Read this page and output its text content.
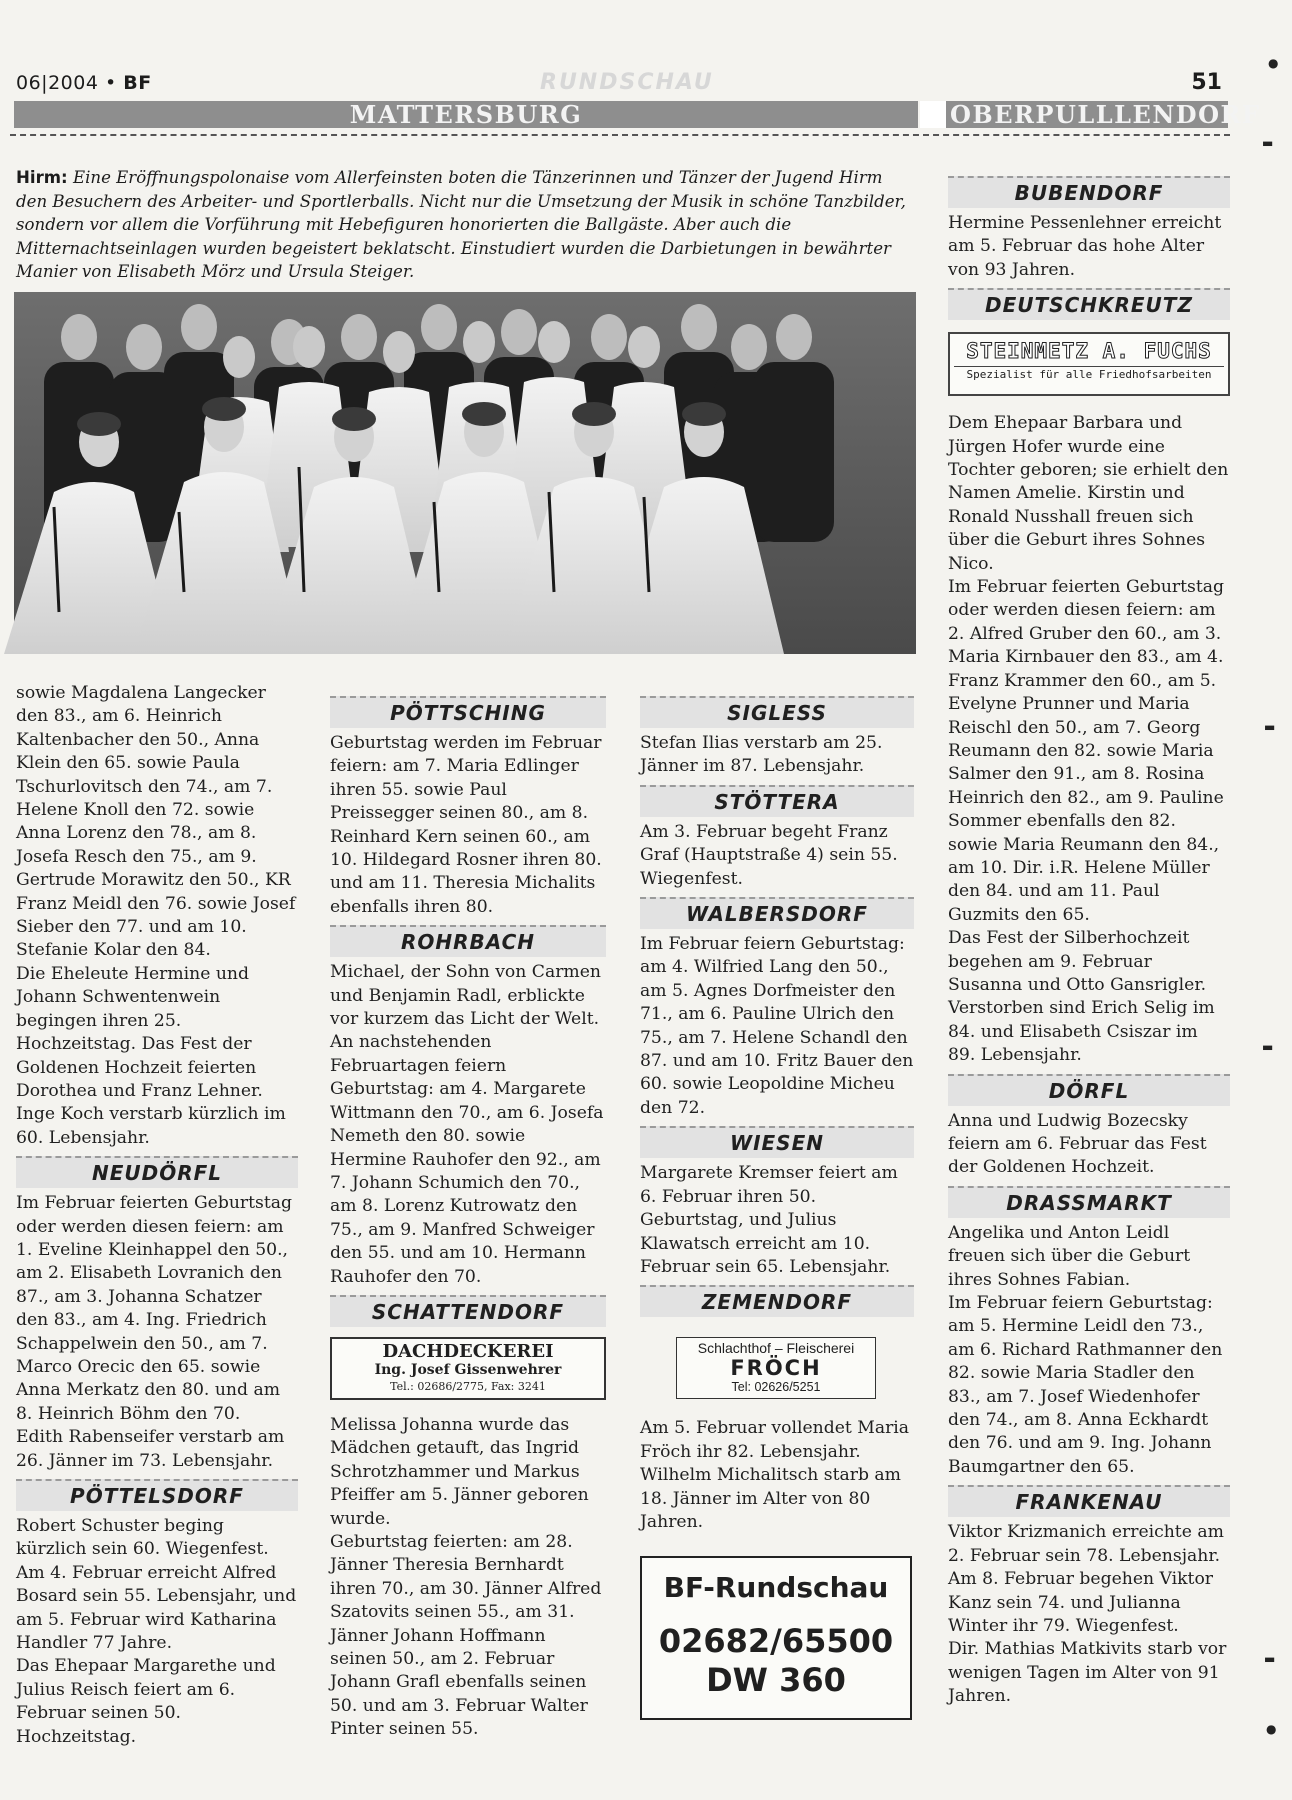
06|2004 • BF	RUNDSCHAU	51
MATTERSBURG	OBERPULLLENDORF
Hirm: Eine Eröffnungspolonaise vom Allerfeinsten boten die Tänzerinnen und Tänzer der Jugend Hirm den Besuchern des Arbeiter- und Sportlerballs. Nicht nur die Umsetzung der Musik in schöne Tanzbilder, sondern vor allem die Vorführung mit Hebefiguren honorierten die Ballgäste. Aber auch die Mitternachtseinlagen wurden begeistert beklatscht. Einstudiert wurden die Darbietungen in bewährter Manier von Elisabeth Mörz und Ursula Steiger.

sowie Magdalena Langecker den 83., am 6. Heinrich Kaltenbacher den 50., Anna Klein den 65. sowie Paula Tschurlovitsch den 74., am 7. Helene Knoll den 72. sowie Anna Lorenz den 78., am 8. Josefa Resch den 75., am 9. Gertrude Morawitz den 50., KR Franz Meidl den 76. sowie Josef Sieber den 77. und am 10. Stefanie Kolar den 84.

Die Eheleute Hermine und Johann Schwentenwein begingen ihren 25. Hochzeitstag. Das Fest der Goldenen Hochzeit feierten Dorothea und Franz Lehner.

Inge Koch verstarb kürzlich im 60. Lebensjahr.

NEUDÖRFL

Im Februar feierten Geburtstag oder werden diesen feiern: am 1. Eveline Kleinhappel den 50., am 2. Elisabeth Lovranich den 87., am 3. Johanna Schatzer den 83., am 4. Ing. Friedrich Schappelwein den 50., am 7. Marco Orecic den 65. sowie Anna Merkatz den 80. und am 8. Heinrich Böhm den 70.

Edith Rabenseifer verstarb am 26. Jänner im 73. Lebensjahr.

PÖTTELSDORF

Robert Schuster beging kürzlich sein 60. Wiegenfest. Am 4. Februar erreicht Alfred Bosard sein 55. Lebensjahr, und am 5. Februar wird Katharina Handler 77 Jahre.

Das Ehepaar Margarethe und Julius Reisch feiert am 6. Februar seinen 50. Hochzeitstag.

PÖTTSCHING

Geburtstag werden im Februar feiern: am 7. Maria Edlinger ihren 55. sowie Paul Preissegger seinen 80., am 8. Reinhard Kern seinen 60., am 10. Hildegard Rosner ihren 80. und am 11. Theresia Michalits ebenfalls ihren 80.

ROHRBACH

Michael, der Sohn von Carmen und Benjamin Radl, erblickte vor kurzem das Licht der Welt.

An nachstehenden Februartagen feiern Geburtstag: am 4. Margarete Wittmann den 70., am 6. Josefa Nemeth den 80. sowie Hermine Rauhofer den 92., am 7. Johann Schumich den 70., am 8. Lorenz Kutrowatz den 75., am 9. Manfred Schweiger den 55. und am 10. Hermann Rauhofer den 70.

SCHATTENDORF
DACHDECKEREI
Ing. Josef Gissenwehrer
Tel.: 02686/2775, Fax: 3241

Melissa Johanna wurde das Mädchen getauft, das Ingrid Schrotzhammer und Markus Pfeiffer am 5. Jänner geboren wurde.

Geburtstag feierten: am 28. Jänner Theresia Bernhardt ihren 70., am 30. Jänner Alfred Szatovits seinen 55., am 31. Jänner Johann Hoffmann seinen 50., am 2. Februar Johann Grafl ebenfalls seinen 50. und am 3. Februar Walter Pinter seinen 55.

SIGLESS

Stefan Ilias verstarb am 25. Jänner im 87. Lebensjahr.

STÖTTERA

Am 3. Februar begeht Franz Graf (Hauptstraße 4) sein 55. Wiegenfest.

WALBERSDORF

Im Februar feiern Geburtstag: am 4. Wilfried Lang den 50., am 5. Agnes Dorfmeister den 71., am 6. Pauline Ulrich den 75., am 7. Helene Schandl den 87. und am 10. Fritz Bauer den 60. sowie Leopoldine Micheu den 72.

WIESEN

Margarete Kremser feiert am 6. Februar ihren 50. Geburtstag, und Julius Klawatsch erreicht am 10. Februar sein 65. Lebensjahr.

ZEMENDORF
Schlachthof – Fleischerei
FRÖCH
Tel: 02626/5251

Am 5. Februar vollendet Maria Fröch ihr 82. Lebensjahr.

Wilhelm Michalitsch starb am 18. Jänner im Alter von 80 Jahren.

BF-Rundschau
02682/65500
DW 360
BUBENDORF

Hermine Pessenlehner erreicht am 5. Februar das hohe Alter von 93 Jahren.

DEUTSCHKREUTZ
STEINMETZ A. FUCHS
Spezialist für alle Friedhofsarbeiten

Dem Ehepaar Barbara und Jürgen Hofer wurde eine Tochter geboren; sie erhielt den Namen Amelie. Kirstin und Ronald Nusshall freuen sich über die Geburt ihres Sohnes Nico.

Im Februar feierten Geburtstag oder werden diesen feiern: am 2. Alfred Gruber den 60., am 3. Maria Kirnbauer den 83., am 4. Franz Krammer den 60., am 5. Evelyne Prunner und Maria Reischl den 50., am 7. Georg Reumann den 82. sowie Maria Salmer den 91., am 8. Rosina Heinrich den 82., am 9. Pauline Sommer ebenfalls den 82. sowie Maria Reumann den 84., am 10. Dir. i.R. Helene Müller den 84. und am 11. Paul Guzmits den 65.

Das Fest der Silberhochzeit begehen am 9. Februar Susanna und Otto Gansrigler.

Verstorben sind Erich Selig im 84. und Elisabeth Csiszar im 89. Lebensjahr.

DÖRFL

Anna und Ludwig Bozecsky feiern am 6. Februar das Fest der Goldenen Hochzeit.

DRASSMARKT

Angelika und Anton Leidl freuen sich über die Geburt ihres Sohnes Fabian.

Im Februar feiern Geburtstag: am 5. Hermine Leidl den 73., am 6. Richard Rathmanner den 82. sowie Maria Stadler den 83., am 7. Josef Wiedenhofer den 74., am 8. Anna Eckhardt den 76. und am 9. Ing. Johann Baumgartner den 65.

FRANKENAU

Viktor Krizmanich erreichte am 2. Februar sein 78. Lebensjahr.

Am 8. Februar begehen Viktor Kanz sein 74. und Julianna Winter ihr 79. Wiegenfest.

Dir. Mathias Matkivits starb vor wenigen Tagen im Alter von 91 Jahren.

●
▬
▬
▬
▬
●
